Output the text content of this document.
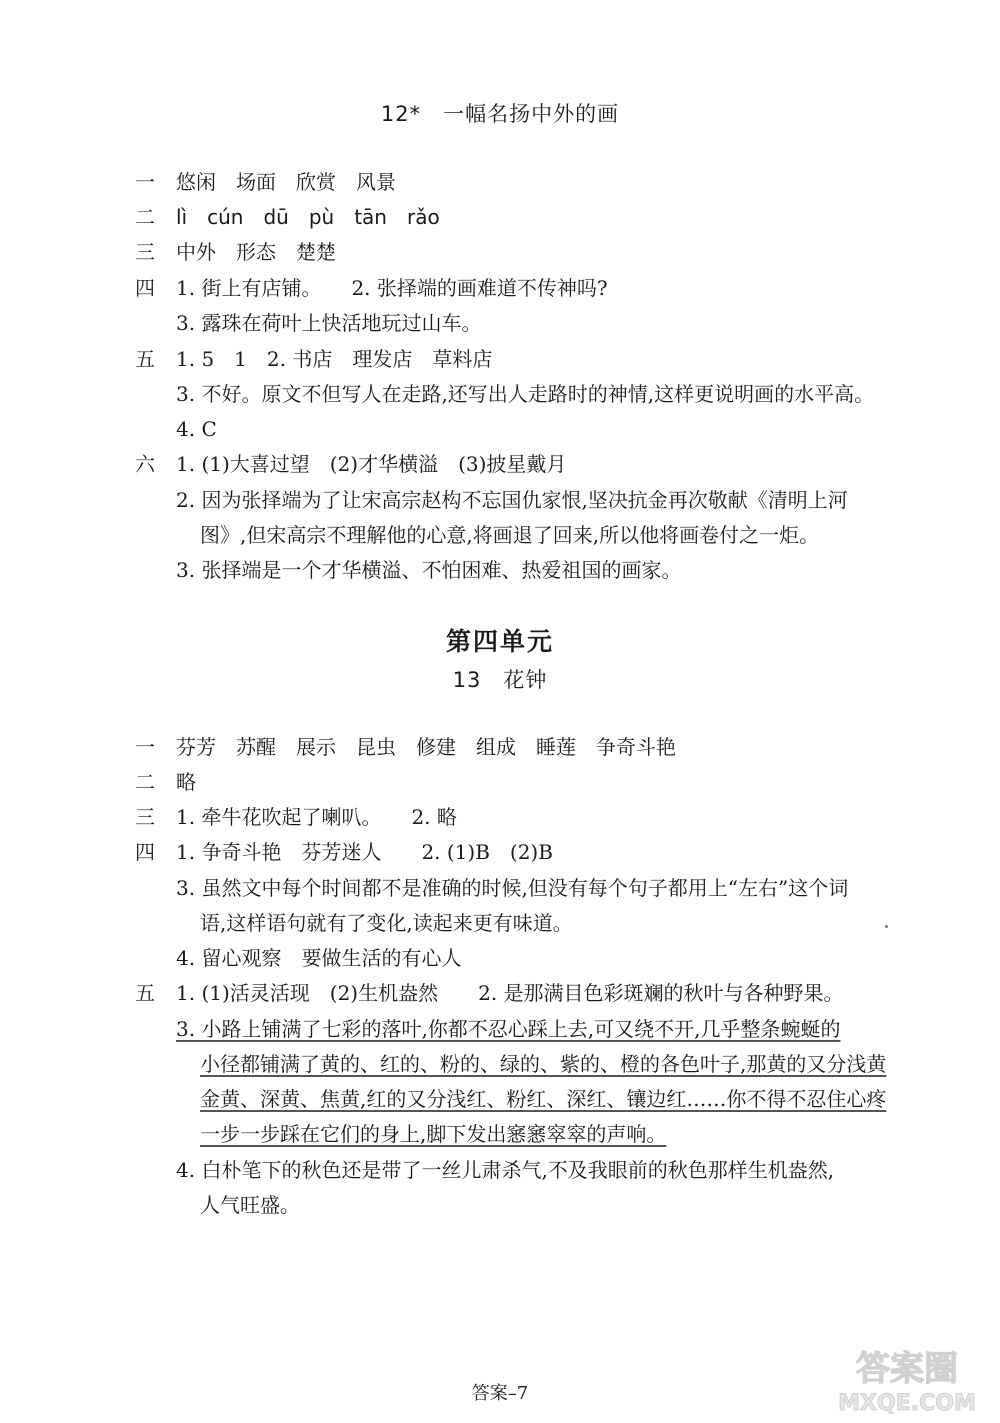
12* 一幅名扬中外的画
一	悠闲　场面　欣赏　风景
二	lì　cún　dū　pù　tān　rǎo
三	中外　形态　楚楚
四	1. 街上有店铺。　　2. 张择端的画难道不传神吗?
3. 露珠在荷叶上快活地玩过山车。
五	1. 5　1　2. 书店　理发店　草料店
3. 不好。原文不但写人在走路,还写出人走路时的神情,这样更说明画的水平高。
4. C
六	1. (1)大喜过望　(2)才华横溢　(3)披星戴月
2. 因为张择端为了让宋高宗赵构不忘国仇家恨,坚决抗金再次敬献《清明上河
图》,但宋高宗不理解他的心意,将画退了回来,所以他将画卷付之一炬。
3. 张择端是一个才华横溢、不怕困难、热爱祖国的画家。
第四单元
13 花钟
一	芬芳　苏醒　展示　昆虫　修建　组成　睡莲　争奇斗艳
二	略
三	1. 牵牛花吹起了喇叭。　　2. 略
四	1. 争奇斗艳　芬芳迷人　　2. (1)B　(2)B
3. 虽然文中每个时间都不是准确的时候,但没有每个句子都用上“左右”这个词
语,这样语句就有了变化,读起来更有味道。
4. 留心观察　要做生活的有心人
五	1. (1)活灵活现　(2)生机盎然　　2. 是那满目色彩斑斓的秋叶与各种野果。
3. 小路上铺满了七彩的落叶,你都不忍心踩上去,可又绕不开,几乎整条蜿蜒的
小径都铺满了黄的、红的、粉的、绿的、紫的、橙的各色叶子,那黄的又分浅黄
金黄、深黄、焦黄,红的又分浅红、粉红、深红、镶边红……你不得不忍住心疼
一步一步踩在它们的身上,脚下发出窸窸窣窣的声响。
4. 白朴笔下的秋色还是带了一丝儿肃杀气,不及我眼前的秋色那样生机盎然,
人气旺盛。
答案–7
答案圈
MXQE.COM
